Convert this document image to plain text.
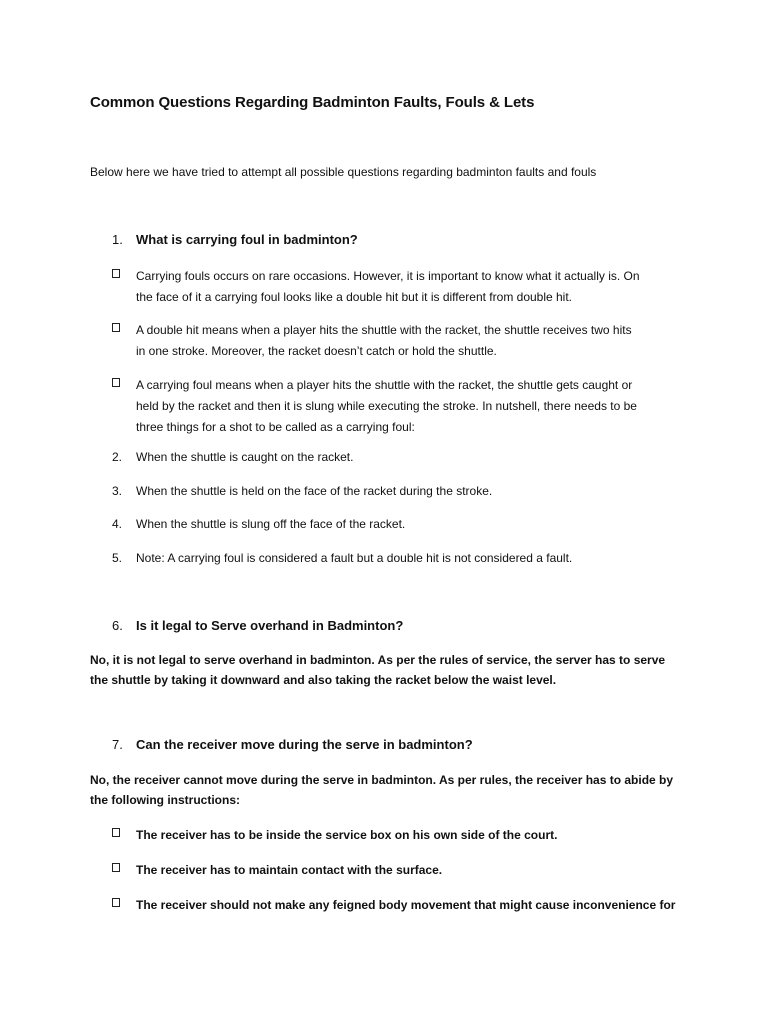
Common Questions Regarding Badminton Faults, Fouls & Lets
Below here we have tried to attempt all possible questions regarding badminton faults and fouls
1. What is carrying foul in badminton?
Carrying fouls occurs on rare occasions. However, it is important to know what it actually is. On
the face of it a carrying foul looks like a double hit but it is different from double hit.
A double hit means when a player hits the shuttle with the racket, the shuttle receives two hits
in one stroke. Moreover, the racket doesn’t catch or hold the shuttle.
A carrying foul means when a player hits the shuttle with the racket, the shuttle gets caught or
held by the racket and then it is slung while executing the stroke. In nutshell, there needs to be
three things for a shot to be called as a carrying foul:
2. When the shuttle is caught on the racket.
3. When the shuttle is held on the face of the racket during the stroke.
4. When the shuttle is slung off the face of the racket.
5. Note: A carrying foul is considered a fault but a double hit is not considered a fault.
6. Is it legal to Serve overhand in Badminton?
No, it is not legal to serve overhand in badminton. As per the rules of service, the server has to serve
the shuttle by taking it downward and also taking the racket below the waist level.
7. Can the receiver move during the serve in badminton?
No, the receiver cannot move during the serve in badminton. As per rules, the receiver has to abide by
the following instructions:
The receiver has to be inside the service box on his own side of the court.
The receiver has to maintain contact with the surface.
The receiver should not make any feigned body movement that might cause inconvenience for
